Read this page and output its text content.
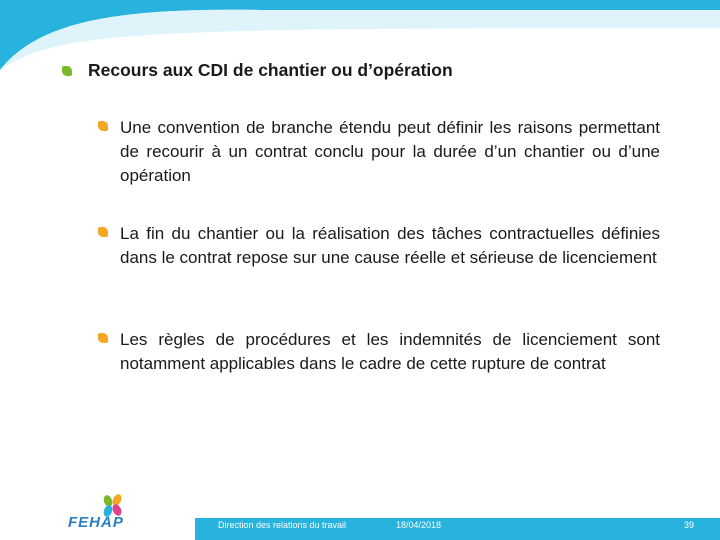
Recours aux CDI de chantier ou d’opération
Une convention de branche étendu peut définir les raisons permettant de recourir à un contrat conclu pour la durée d’un chantier ou d’une opération
La fin du chantier ou la réalisation des tâches contractuelles définies dans le contrat repose sur une cause réelle et sérieuse de licenciement
Les règles de procédures et les indemnités de licenciement sont notamment applicables dans le cadre de cette rupture de contrat
FEHAP	Direction des relations du travail	18/04/2018	39
